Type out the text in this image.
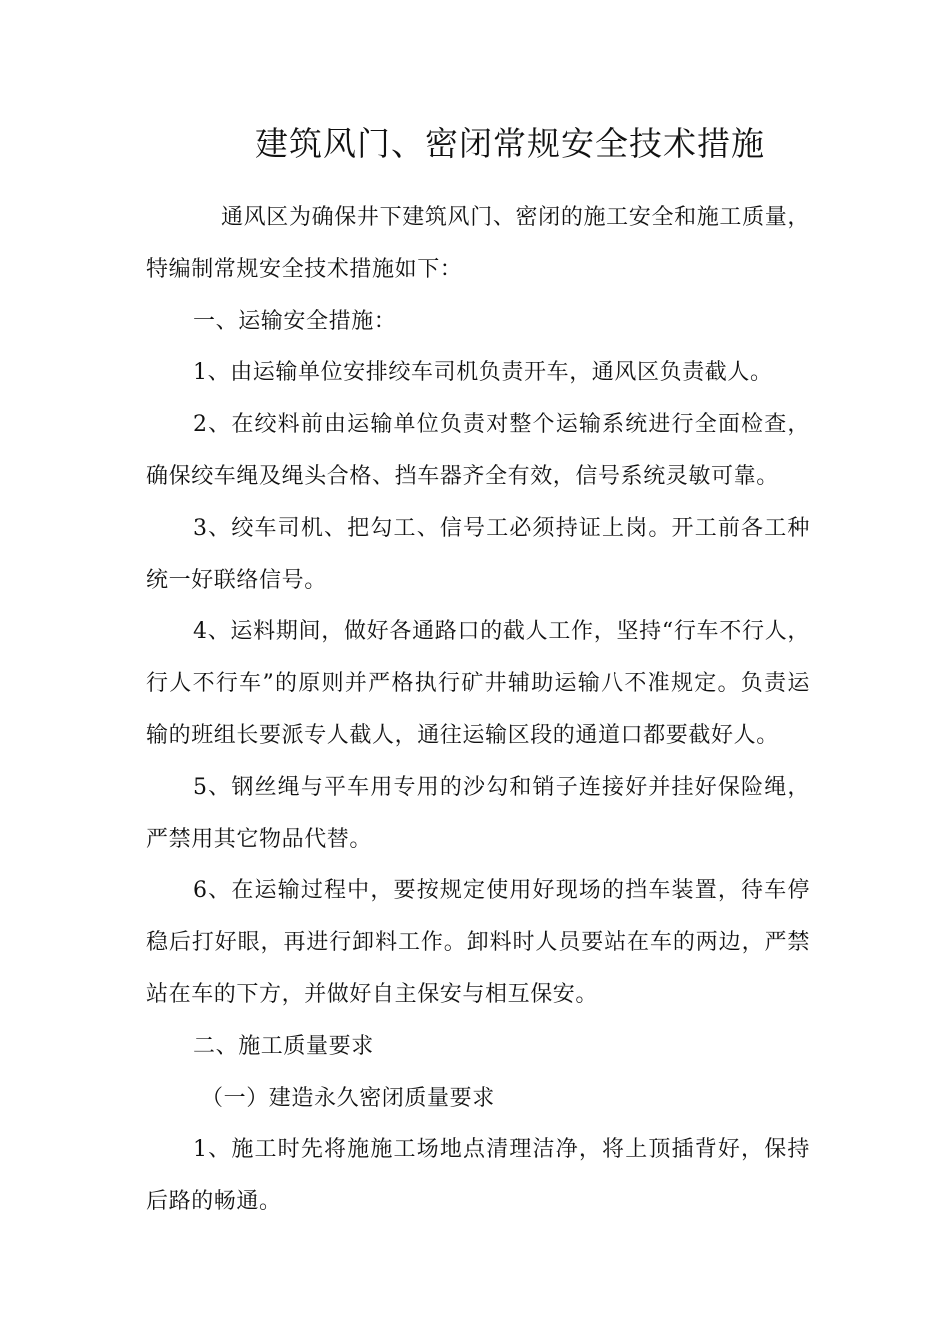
建筑风门、密闭常规安全技术措施

通风区为确保井下建筑风门、密闭的施工安全和施工质量，特编制常规安全技术措施如下：

一、运输安全措施：

1、由运输单位安排绞车司机负责开车，通风区负责截人。

2、在绞料前由运输单位负责对整个运输系统进行全面检查，确保绞车绳及绳头合格、挡车器齐全有效，信号系统灵敏可靠。

3、绞车司机、把勾工、信号工必须持证上岗。开工前各工种统一好联络信号。

4、运料期间，做好各通路口的截人工作，坚持“行车不行人，行人不行车”的原则并严格执行矿井辅助运输八不准规定。负责运输的班组长要派专人截人，通往运输区段的通道口都要截好人。

5、钢丝绳与平车用专用的沙勾和销子连接好并挂好保险绳，严禁用其它物品代替。

6、在运输过程中，要按规定使用好现场的挡车装置，待车停稳后打好眼，再进行卸料工作。卸料时人员要站在车的两边，严禁站在车的下方，并做好自主保安与相互保安。

二、施工质量要求

（一）建造永久密闭质量要求

1、施工时先将施施工场地点清理洁净，将上顶插背好，保持后路的畅通。
